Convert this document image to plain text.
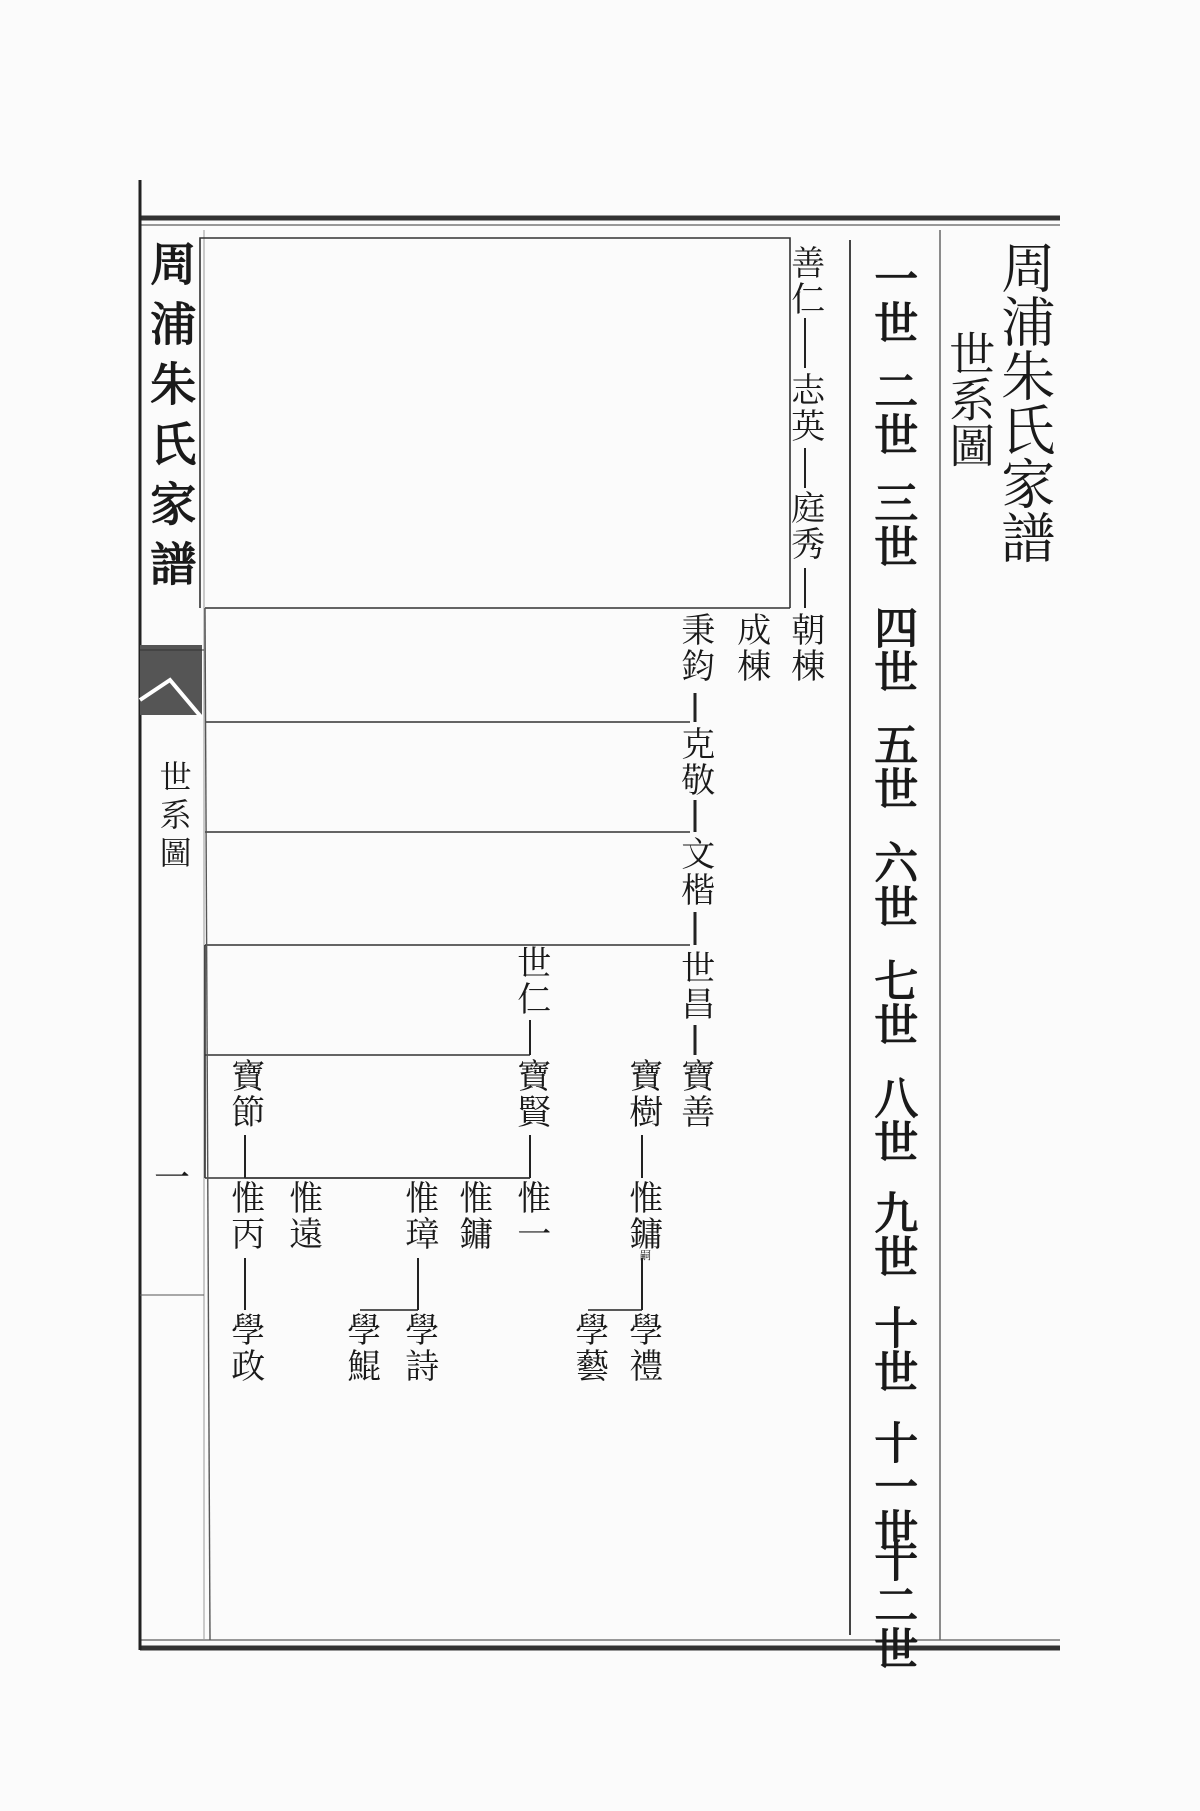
周浦朱氏家譜
世系圖
周浦朱氏家譜
世系圖
一
一世
二世
三世
四世
五世
六世
七世
八世
九世
十世
十一世
十二世
善仁
志英
庭秀
朝棟
成棟
秉鈞
克敬
文楷
世昌
世仁
寶善
寶樹
寶賢
寶節
惟鏞
嗣
惟一
惟鏞
惟璋
惟遠
惟丙
學禮
學藝
學詩
學鯤
學政
